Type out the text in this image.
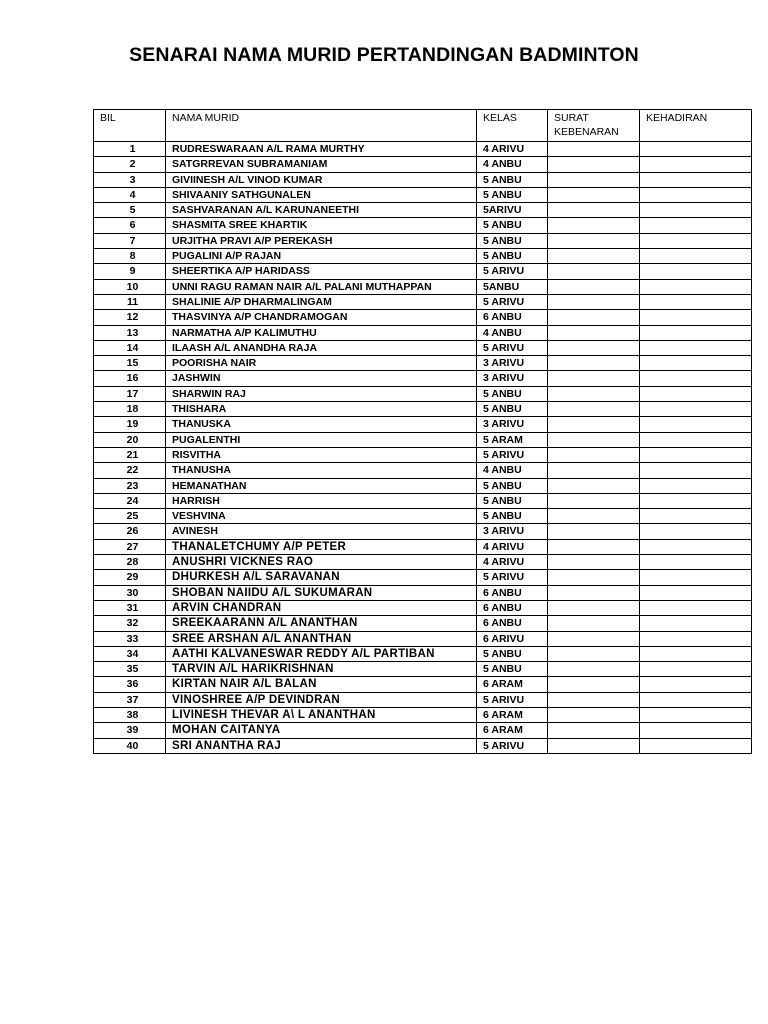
SENARAI NAMA MURID PERTANDINGAN BADMINTON
BIL	NAMA MURID	KELAS	SURAT KEBENARAN	KEHADIRAN
1	RUDRESWARAAN A/L RAMA MURTHY	4 ARIVU		
2	SATGRREVAN SUBRAMANIAM	4 ANBU		
3	GIVIINESH A/L VINOD KUMAR	5 ANBU		
4	SHIVAANIY SATHGUNALEN	5 ANBU		
5	SASHVARANAN A/L KARUNANEETHI	5ARIVU		
6	SHASMITA SREE KHARTIK	5 ANBU		
7	URJITHA PRAVI A/P PEREKASH	5 ANBU		
8	PUGALINI A/P RAJAN	5 ANBU		
9	SHEERTIKA A/P HARIDASS	5 ARIVU		
10	UNNI RAGU RAMAN NAIR A/L PALANI MUTHAPPAN	5ANBU		
11	SHALINIE A/P DHARMALINGAM	5 ARIVU		
12	THASVINYA A/P CHANDRAMOGAN	6 ANBU		
13	NARMATHA A/P KALIMUTHU	4 ANBU		
14	ILAASH A/L ANANDHA RAJA	5 ARIVU		
15	POORISHA NAIR	3 ARIVU		
16	JASHWIN	3 ARIVU		
17	SHARWIN RAJ	5 ANBU		
18	THISHARA	5 ANBU		
19	THANUSKA	3 ARIVU		
20	PUGALENTHI	5 ARAM		
21	RISVITHA	5 ARIVU		
22	THANUSHA	4 ANBU		
23	HEMANATHAN	5 ANBU		
24	HARRISH	5 ANBU		
25	VESHVINA	5 ANBU		
26	AVINESH	3 ARIVU		
27	THANALETCHUMY A/P PETER	4 ARIVU		
28	ANUSHRI VICKNES RAO	4 ARIVU		
29	DHURKESH A/L SARAVANAN	5 ARIVU		
30	SHOBAN NAIIDU A/L SUKUMARAN	6 ANBU		
31	ARVIN CHANDRAN	6 ANBU		
32	SREEKAARANN A/L ANANTHAN	6 ANBU		
33	SREE ARSHAN A/L ANANTHAN	6 ARIVU		
34	AATHI KALVANESWAR REDDY A/L PARTIBAN	5 ANBU		
35	TARVIN A/L HARIKRISHNAN	5 ANBU		
36	KIRTAN NAIR A/L BALAN	6 ARAM		
37	VINOSHREE A/P DEVINDRAN	5 ARIVU		
38	LIVINESH THEVAR A\ L ANANTHAN	6 ARAM		
39	MOHAN CAITANYA	6 ARAM		
40	SRI ANANTHA RAJ	5 ARIVU		
